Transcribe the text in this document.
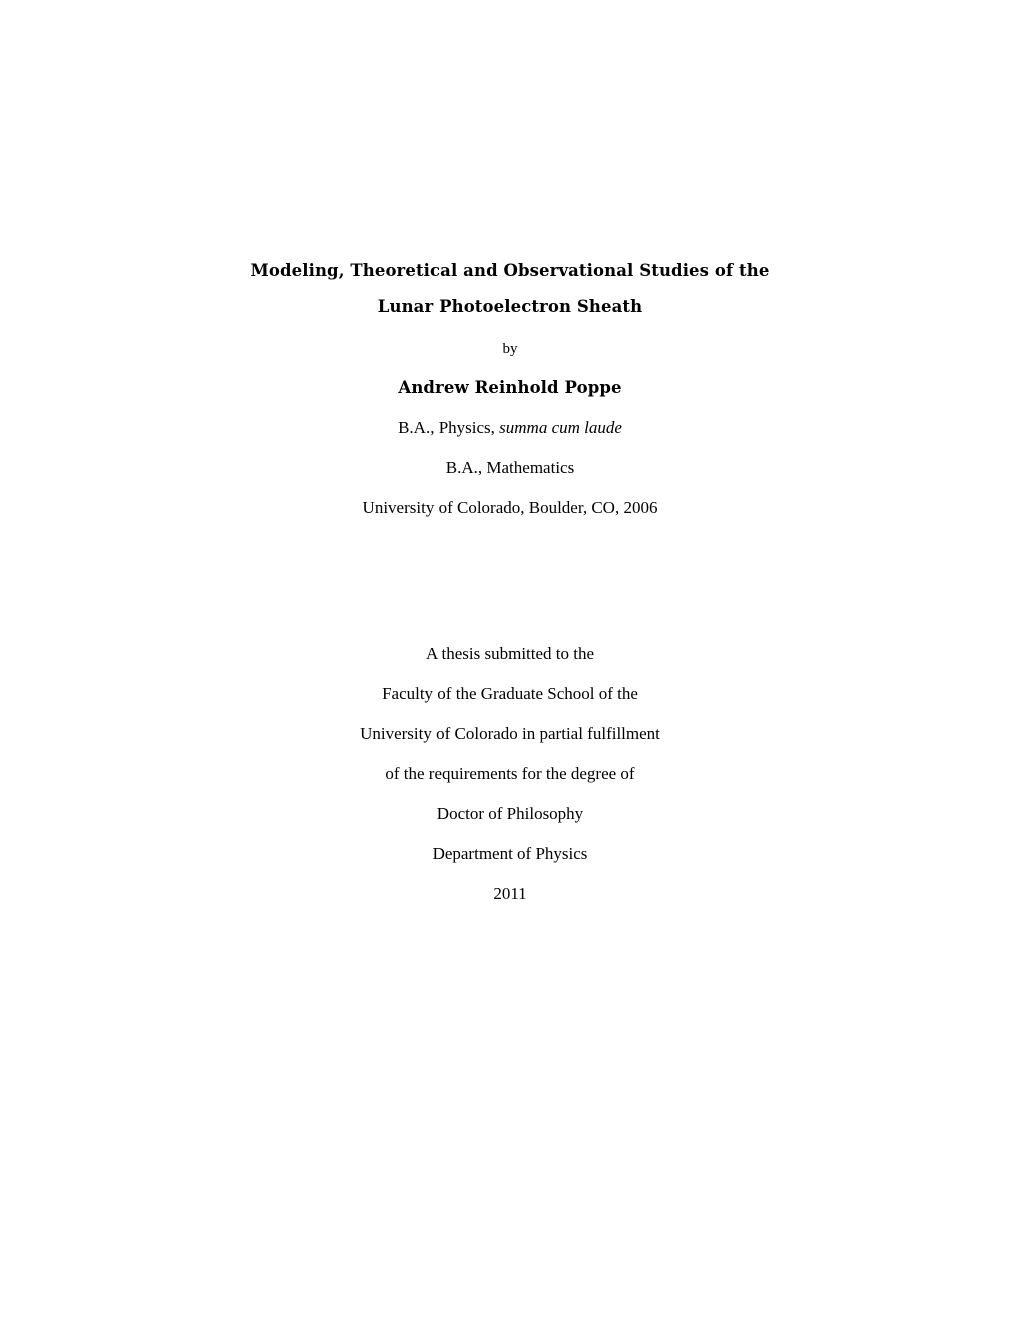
Modeling, Theoretical and Observational Studies of the
Lunar Photoelectron Sheath
by
Andrew Reinhold Poppe
B.A., Physics, summa cum laude
B.A., Mathematics
University of Colorado, Boulder, CO, 2006
A thesis submitted to the
Faculty of the Graduate School of the
University of Colorado in partial fulfillment
of the requirements for the degree of
Doctor of Philosophy
Department of Physics
2011
